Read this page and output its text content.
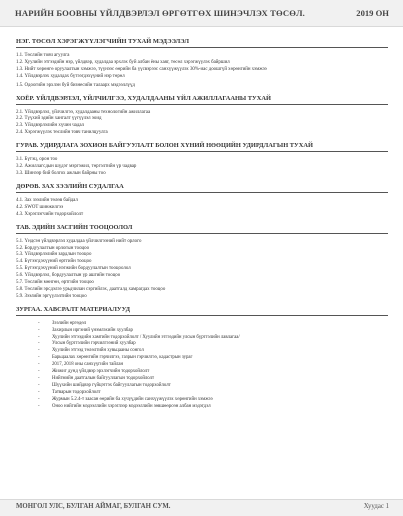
НАРИЙН БООВНЫ ҮЙЛДВЭРЛЭЛ ӨРГӨТГӨХ ШИНЭЧЛЭХ ТӨСӨЛ.	2019 ОН
НЭГ. ТӨСӨЛ ХЭРЭГЖҮҮЛЭГЧИЙН ТУХАЙ МЭДЭЭЛЭЛ
1.1. Төслийн товч агуулга
1.2. Хуулийн этгээдийн нэр, үйлдвэр, худалдаа эрхлэх буй албан ёны хаяг, төсөл хэрэгжүүлэх байршил
1.3. Нийт хөрөнгө оруулалтын хэмжээ, түүнээс өөрийн ба үүсвэрээс санхүүжүүлэх 30%-иас доошгүй хөрөнгийн хэмжээ
1.4. Үйлдвэрлэх худалдах бүтээгдэхүүний нэр төрөл
1.5. Одоогийн эрхлэн буй бизнесийн талаарх мэдээллүүд
ХОЁР. ҮЙЛДВЭРЛЭЛ, ҮЙЛЧИЛГЭЭ, ХУДАЛДААНЫ ҮЙЛ АЖИЛЛАГААНЫ ТУХАЙ
2.1. Үйлдвэрлэл, үйлчилгээ, худалдааны технологийн ажиллагаа
2.2. Түүхий эдийн хангалт үүгүүлэл эоид
2.3. Үйлдвэрлэлийн хүчин чадал
2.4. Хэрэгжүүлэх төслийн товч танилцуулга
ГУРАВ. УДИРДЛАГА ЗОХИОН БАЙГУУЛАЛТ БОЛОН ХҮНИЙ НӨӨЦИЙН УДИРДЛАГЫН ТУХАЙ
3.1. Бүтэц, орон тоо
3.2. Ажиллагсдын шүдэг мэргэжил, төргэлтийн үр чадвар
3.3. Шинээр бий болгох ажлын байрны тоо
ДӨРӨВ. ЗАХ ЗЭЭЛИЙН СУДАЛГАА
4.1. Зах зээлийн төлөв байдал
4.2. SWOT шинжилгээ
4.3. Хэрэглэгчийн тодорхойлолт
ТАВ. ЭДИЙН ЗАСГИЙН ТООЦООЛОЛ
5.1. Үндсэн үйлдвэрлэл худалдаа үйлчилгээний нийт орлого
5.2. Бордуулалтын орлогын тооцоо
5.3. Үйлдвэрлэлийн зардлын тооцоо
5.4. Бүтээгдэхүүний өртгийн тооцоо
5.5. Бүтээгдэхүүний нэгжийн бордуулалтын тооцоолол
5.6. Үйлдвэрлэл, бордуулалтын үр ашгийн тооцоо
5.7. Төслийн мөнгөн, өртгийн тооцоо
5.8. Төслийн эрсдэлээ урьдчилан сэргийлэх, даатгалд хамрагдах тооцоо
5.9. Зээлийн эргүүлэлтийн тооцоо
ЗУРГАА. ХАВСРАЛТ МАТЕРИАЛУУД
-	Зээлийн өргөдөл
-	Захирлын иргэний үнэмлэхийн хуулбар
-	Хуулийн этгээдийн хамтийн тодорхойлолт / Хуулийн этгээдийн улсын бүртгэлийн лавлагаа/
-	Улсын бүртгэлийн гэрчилгээний хуулбар
-	Хуулийн этгээд төлөлтийн хувьцааны сонгол
-	Барьцаалах хөрөнгийн гэрчилгээ, газрын гэрчилгээ, кадастрын зураг
-	2017, 2018 оны санхүүгийн тайлан
-	Жижиг дунд үйлдвэр эрхлэгчийн тодорхойлолт
-	Нийгмийн даатгалын байгууллагын тодорхойлолт
-	Шүүхийн шийдвэр гүйцэтгэх байгууллагын тодорхойлолт
-	Татварын тодорхойлолт
-	Журмын 5.2.4-т заасан өөрийн ба хүчүүдийн санхүүжүүлэх хөрөнгийн хэмжээ
-	Оноо нийгийн мэдээллийн хэрэглээр мэдээллийн зөвшөөрсөн албан мэдэгдэл
МОНГОЛ УЛС, БУЛГАН АЙМАГ, БУЛГАН СУМ.	Хуудас 1
